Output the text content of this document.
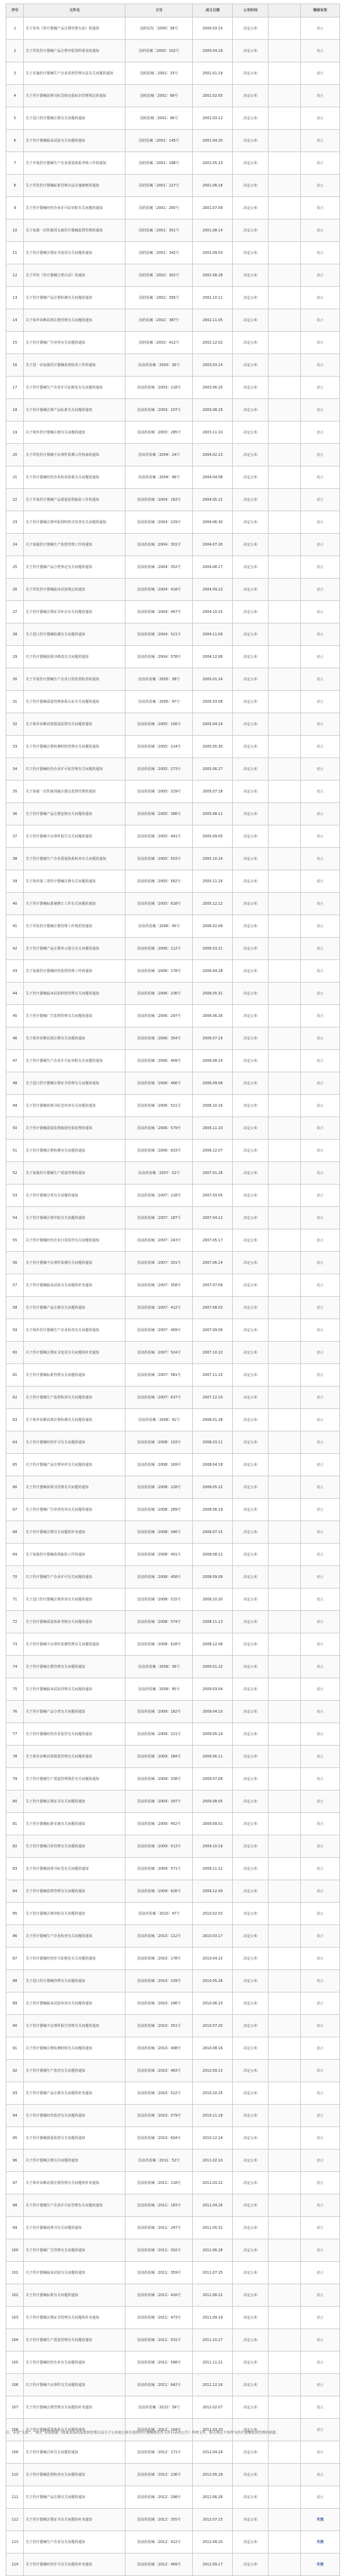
序号	文件名	文号	成文日期	公布时间		继续有效
1	关于发布《医疗器械产品注册管理办法》的通知	国药局发〔2000〕38号	2000.03.10	决定公布		废止
2	关于印发医疗器械产品注册申报资料要求的通知	国药监械〔2000〕102号	2000.04.16	决定公布		废止
3	关于实施医疗器械生产企业监督管理办法有关问题的通知	国药监械〔2001〕33号	2001.01.19	决定公布		废止
4	关于医疗器械说明书标签和包装标识管理规定的通知	国药监械〔2001〕68号	2001.02.05	决定公布		废止
5	关于进口医疗器械注册有关问题的通知	国药监械〔2001〕96号	2001.03.12	决定公布		废止
6	关于医疗器械临床试验有关问题的通知	国药监械〔2001〕145号	2001.04.20	决定公布		废止
7	关于开展医疗器械生产企业质量体系考核工作的通知	国药监械〔2001〕188号	2001.05.23	决定公布		废止
8	关于印发医疗器械标准管理办法实施细则的通知	国药监械〔2001〕227号	2001.06.18	决定公布		废止
9	关于医疗器械经营企业许可证审批有关问题的通知	国药监械〔2001〕265号	2001.07.09	决定公布		废止
10	关于加强一次性使用无菌医疗器械监督管理的通知	国药监械〔2001〕301号	2001.08.14	决定公布		废止
11	关于医疗器械注册证书变更有关问题的通知	国药监械〔2001〕342号	2001.09.03	决定公布		废止
12	关于印发《医疗器械分类目录》的通知	国药监械〔2002〕302号	2002.08.28	决定公布		废止
13	关于医疗器械产品注册检测有关问题的通知	国药监械〔2002〕356号	2002.10.11	决定公布		废止
14	关于体外诊断试剂注册管理有关问题的通知	国药监械〔2002〕387号	2002.11.05	决定公布		废止
15	关于医疗器械广告审查有关问题的通知	国药监械〔2002〕412号	2002.12.02	决定公布		废止
16	关于进一步加强医疗器械监督检查工作的通知	国食药监械〔2003〕26号	2003.03.14	决定公布		废止
17	关于医疗器械生产企业许可证换发有关问题的通知	国食药监械〔2003〕118号	2003.06.20	决定公布		废止
18	关于医疗器械注册产品标准有关问题的通知	国食药监械〔2003〕207号	2003.08.29	决定公布		废止
19	关于境外医疗器械注册有关问题的通知	国食药监械〔2003〕285号	2003.11.10	决定公布		废止
20	关于印发医疗器械不良事件监测工作指南的通知	国食药监械〔2004〕24号	2004.02.13	决定公布		废止
21	关于医疗器械经营企业检查验收有关问题的通知	国食药监械〔2004〕96号	2004.04.08	决定公布		废止
22	关于开展医疗器械产品质量监督抽验工作的通知	国食药监械〔2004〕163号	2004.05.21	决定公布		废止
23	关于医疗器械注册申报资料形式审查有关问题的通知	国食药监械〔2004〕229号	2004.06.30	决定公布		废止
24	关于加强医疗器械生产监督管理工作的通知	国食药监械〔2004〕301号	2004.07.26	决定公布		废止
25	关于医疗器械产品分类界定有关问题的通知	国食药监械〔2004〕352号	2004.08.17	决定公布		废止
26	关于印发医疗器械临床试验规定的通知	国食药监械〔2004〕418号	2004.09.22	决定公布		废止
27	关于医疗器械注册证书补办有关问题的通知	国食药监械〔2004〕467号	2004.10.15	决定公布		废止
28	关于进口医疗器械检测有关问题的通知	国食药监械〔2004〕521号	2004.11.09	决定公布		废止
29	关于医疗器械说明书修改有关问题的通知	国食药监械〔2004〕578号	2004.12.06	决定公布		废止
30	关于开展医疗器械生产企业日常监督检查的通知	国食药监械〔2005〕38号	2005.01.24	决定公布		废止
31	关于医疗器械质量管理体系认证有关问题的通知	国食药监械〔2005〕97号	2005.03.08	决定公布		废止
32	关于体外诊断试剂质量监督有关问题的通知	国食药监械〔2005〕156号	2005.04.19	决定公布		废止
33	关于医疗器械注册检测机构管理有关问题的通知	国食药监械〔2005〕214号	2005.05.30	决定公布		废止
34	关于医疗器械经营企业许可证管理有关问题的通知	国食药监械〔2005〕273号	2005.06.27	决定公布		废止
35	关于加强一次性使用输注器具监督管理的通知	国食药监械〔2005〕329号	2005.07.18	决定公布		废止
36	关于医疗器械产品注册复核有关问题的通知	国食药监械〔2005〕386号	2005.08.11	决定公布		废止
37	关于医疗器械不良事件报告有关问题的通知	国食药监械〔2005〕441号	2005.09.05	决定公布		废止
38	关于医疗器械生产企业质量体系检查有关问题的通知	国食药监械〔2005〕503号	2005.10.24	决定公布		废止
39	关于境内第三类医疗器械注册有关问题的通知	国食药监械〔2005〕562号	2005.11.16	决定公布		废止
40	关于医疗器械标准制修订工作有关问题的通知	国食药监械〔2005〕618号	2005.12.12	决定公布		废止
41	关于印发医疗器械注册管理工作规范的通知	国食药监械〔2006〕45号	2006.02.09	决定公布		废止
42	关于医疗器械产品注册单元划分有关问题的通知	国食药监械〔2006〕112号	2006.03.21	决定公布		废止
43	关于加强医疗器械经营监督管理工作的通知	国食药监械〔2006〕178号	2006.04.28	决定公布		废止
44	关于医疗器械临床试验机构管理有关问题的通知	国食药监械〔2006〕236号	2006.05.31	决定公布		废止
45	关于医疗器械广告监督管理有关问题的通知	国食药监械〔2006〕297号	2006.06.26	决定公布		废止
46	关于体外诊断试剂注册有关问题的通知	国食药监械〔2006〕354号	2006.07.19	决定公布		废止
47	关于医疗器械生产企业许可证审批有关问题的通知	国食药监械〔2006〕409号	2006.08.14	决定公布		废止
48	关于进口医疗器械注册证书管理有关问题的通知	国食药监械〔2006〕466号	2006.09.08	决定公布		废止
49	关于医疗器械说明书标签审查有关问题的通知	国食药监械〔2006〕521号	2006.10.16	决定公布		废止
50	关于医疗器械质量监督抽验结果处理的通知	国食药监械〔2006〕579号	2006.11.10	决定公布		废止
51	关于医疗器械注册检测有关问题的通知	国食药监械〔2006〕633号	2006.12.07	决定公布		废止
52	关于加强医疗器械生产质量管理的通知	国食药监械〔2007〕52号	2007.01.26	决定公布		废止
53	关于医疗器械分类有关问题的通知	国食药监械〔2007〕118号	2007.03.05	决定公布		废止
54	关于医疗器械注册申报有关问题的通知	国食药监械〔2007〕187号	2007.04.12	决定公布		废止
55	关于医疗器械经营企业日常监管有关问题的通知	国食药监械〔2007〕243号	2007.05.17	决定公布		废止
56	关于医疗器械不良事件监测有关问题的通知	国食药监械〔2007〕301号	2007.06.14	决定公布		废止
57	关于医疗器械临床试验有关问题的补充通知	国食药监械〔2007〕358号	2007.07.09	决定公布		废止
58	关于医疗器械产品注册有关问题的通知	国食药监械〔2007〕412号	2007.08.03	决定公布		废止
59	关于境外医疗器械生产企业检查有关问题的通知	国食药监械〔2007〕469号	2007.09.06	决定公布		废止
60	关于医疗器械注册证书变更有关问题的补充通知	国食药监械〔2007〕524号	2007.10.22	决定公布		废止
61	关于医疗器械标准管理有关问题的通知	国食药监械〔2007〕581号	2007.11.15	决定公布		废止
62	关于医疗器械生产监督检查有关问题的通知	国食药监械〔2007〕637号	2007.12.10	决定公布		废止
63	关于体外诊断试剂注册检测有关问题的通知	国食药监械〔2008〕41号	2008.01.28	决定公布		废止
64	关于医疗器械经营许可有关问题的通知	国食药监械〔2008〕103号	2008.03.11	决定公布		废止
65	关于医疗器械产品注册审评有关问题的通知	国食药监械〔2008〕169号	2008.04.18	决定公布		废止
66	关于医疗器械说明书管理有关问题的通知	国食药监械〔2008〕228号	2008.05.22	决定公布		废止
67	关于医疗器械广告审查发布有关问题的通知	国食药监械〔2008〕289号	2008.06.19	决定公布		废止
68	关于医疗器械注册有关问题的补充通知	国食药监械〔2008〕346号	2008.07.15	决定公布		废止
69	关于加强医疗器械监督抽验工作的通知	国食药监械〔2008〕401号	2008.08.12	决定公布		废止
70	关于医疗器械生产企业许可有关问题的通知	国食药监械〔2008〕458号	2008.09.09	决定公布		废止
71	关于进口医疗器械注册审查有关问题的通知	国食药监械〔2008〕515号	2008.10.20	决定公布		废止
72	关于医疗器械质量体系考核有关问题的通知	国食药监械〔2008〕574号	2008.11.13	决定公布		废止
73	关于医疗器械不良事件监测管理有关问题的通知	国食药监械〔2008〕628号	2008.12.08	决定公布		废止
74	关于医疗器械注册管理有关问题的通知	国食药监械〔2009〕36号	2009.01.22	决定公布		废止
75	关于医疗器械临床试验管理有关问题的通知	国食药监械〔2009〕95号	2009.03.04	决定公布		废止
76	关于医疗器械产品分类有关问题的通知	国食药监械〔2009〕162号	2009.04.10	决定公布		废止
77	关于医疗器械经营企业监管有关问题的通知	国食药监械〔2009〕221号	2009.05.14	决定公布		废止
78	关于体外诊断试剂质量管理有关问题的通知	国食药监械〔2009〕284号	2009.06.11	决定公布		废止
79	关于医疗器械生产质量管理规范有关问题的通知	国食药监械〔2009〕338号	2009.07.08	决定公布		废止
80	关于医疗器械注册证书有关问题的通知	国食药监械〔2009〕397号	2009.08.05	决定公布		废止
81	关于医疗器械标准实施有关问题的通知	国食药监械〔2009〕452号	2009.09.01	决定公布		废止
82	关于医疗器械召回管理有关问题的通知	国食药监械〔2009〕513号	2009.10.19	决定公布		废止
83	关于医疗器械说明书标签有关问题的通知	国食药监械〔2009〕571号	2009.11.12	决定公布		废止
84	关于医疗器械监督管理有关问题的通知	国食药监械〔2009〕626号	2009.12.09	决定公布		废止
85	关于医疗器械注册审批有关问题的通知	国食药监械〔2010〕47号	2010.02.03	决定公布		废止
86	关于医疗器械生产企业检查有关问题的通知	国食药监械〔2010〕112号	2010.03.17	决定公布		废止
87	关于医疗器械经营许可证换发有关问题的通知	国食药监械〔2010〕178号	2010.04.22	决定公布		废止
88	关于进口医疗器械管理有关问题的通知	国食药监械〔2010〕239号	2010.05.26	决定公布		废止
89	关于医疗器械临床试验审查有关问题的通知	国食药监械〔2010〕296号	2010.06.23	决定公布		废止
90	关于医疗器械不良事件报告管理有关问题的通知	国食药监械〔2010〕351号	2010.07.20	决定公布		废止
91	关于医疗器械注册检测机构有关问题的通知	国食药监械〔2010〕408号	2010.08.16	决定公布		废止
92	关于医疗器械生产监管有关问题的通知	国食药监械〔2010〕463号	2010.09.13	决定公布		废止
93	关于医疗器械产品注册有关问题的补充通知	国食药监械〔2010〕522号	2010.10.25	决定公布		废止
94	关于医疗器械经营监管有关问题的通知	国食药监械〔2010〕579号	2010.11.18	决定公布		废止
95	关于医疗器械质量监督有关问题的通知	国食药监械〔2010〕634号	2010.12.14	决定公布		废止
96	关于医疗器械注册有关问题的通知	国食药监械〔2011〕52号	2011.02.10	决定公布		废止
97	关于体外诊断试剂注册管理有关问题的补充通知	国食药监械〔2011〕118号	2011.03.22	决定公布		废止
98	关于医疗器械生产企业许可证管理有关问题的通知	国食药监械〔2011〕183号	2011.04.26	决定公布		废止
99	关于医疗器械说明书有关问题的通知	国食药监械〔2011〕247号	2011.05.31	决定公布		废止
100	关于医疗器械广告管理有关问题的通知	国食药监械〔2011〕302号	2011.06.28	决定公布		废止
101	关于医疗器械临床试验有关问题的通知	国食药监械〔2011〕359号	2011.07.25	决定公布		废止
102	关于医疗器械标准有关问题的通知	国食药监械〔2011〕416号	2011.08.22	决定公布		废止
103	关于医疗器械注册证书管理有关问题的补充通知	国食药监械〔2011〕473号	2011.09.19	决定公布		废止
104	关于医疗器械生产质量管理有关问题的通知	国食药监械〔2011〕531号	2011.10.27	决定公布		废止
105	关于医疗器械经营企业有关问题的通知	国食药监械〔2011〕588号	2011.11.21	决定公布		废止
106	关于医疗器械不良事件有关问题的通知	国食药监械〔2011〕642号	2011.12.16	决定公布		废止
107	关于医疗器械注册管理有关问题的补充通知	国食药监械〔2012〕39号	2012.02.07	决定公布		废止
108	关于医疗器械质量体系有关问题的通知	国食药监械〔2012〕104号	2012.03.20	决定公布		废止
109	关于医疗器械召回有关问题的通知	国食药监械〔2012〕171号	2012.04.24	决定公布		废止
110	关于医疗器械监督检查有关问题的通知	国食药监械〔2012〕236号	2012.05.29	决定公布		废止
111	关于医疗器械产品注册有关问题的通知	国食药监械〔2012〕298号	2012.06.26	决定公布		废止
112	关于医疗器械注册证书有关问题的补充通知	国食药监械〔2012〕355号	2012.07.23	决定公布		失效
113	关于医疗器械生产企业有关问题的通知	国食药监械〔2012〕412号	2012.08.20	决定公布		失效
114	关于医疗器械经营许可有关问题的补充通知	国食药监械〔2012〕469号	2012.09.17	决定公布		失效
注：本表“失效”、“废止”是指依据《国家食品药品监督管理总局关于公布废止和失效的医疗器械规范性文件目录的公告》所列文件，相关规定不再作为医疗器械监督管理的依据。
